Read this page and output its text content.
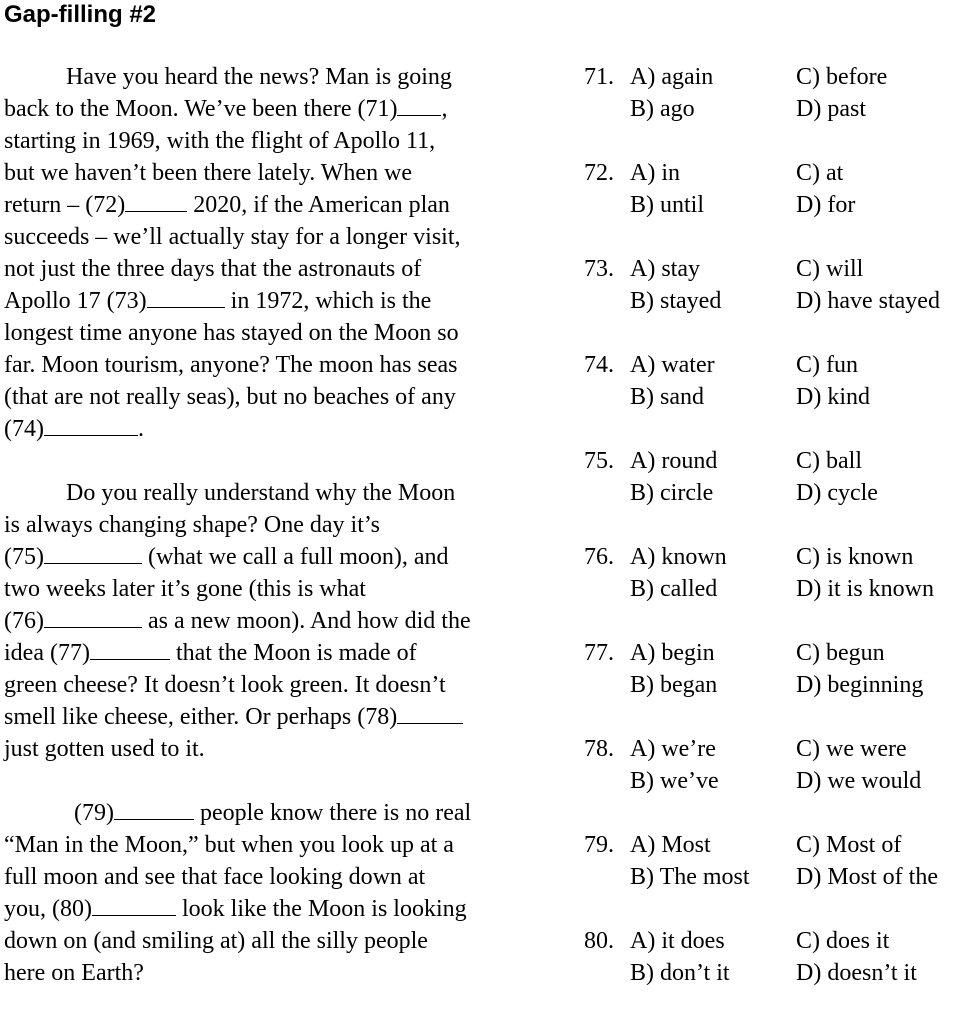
Gap-filling #2
Have you heard the news? Man is going
back to the Moon. We’ve been there (71) ,
starting in 1969, with the flight of Apollo 11,
but we haven’t been there lately. When we
return – (72)	2020, if the American plan
succeeds – we’ll actually stay for a longer visit,
not just the three days that the astronauts of
Apollo 17 (73)	in 1972, which is the
longest time anyone has stayed on the Moon so
far. Moon tourism, anyone? The moon has seas
(that are not really seas), but no beaches of any
(74)	.
Do you really understand why the Moon
is always changing shape? One day it’s
(75)	(what we call a full moon), and
two weeks later it’s gone (this is what
(76)	as a new moon). And how did the
idea (77)	that the Moon is made of
green cheese? It doesn’t look green. It doesn’t
smell like cheese, either. Or perhaps (78)
just gotten used to it.
(79)	people know there is no real
“Man in the Moon,” but when you look up at a
full moon and see that face looking down at
you, (80)	look like the Moon is looking
down on (and smiling at) all the silly people
here on Earth?
71. A) again	C) before
B) ago	D) past
72. A) in	C) at
B) until	D) for
73. A) stay	C) will
B) stayed	D) have stayed
74. A) water	C) fun
B) sand	D) kind
75. A) round	C) ball
B) circle	D) cycle
76. A) known	C) is known
B) called	D) it is known
77. A) begin	C) begun
B) began	D) beginning
78. A) we’re	C) we were
B) we’ve	D) we would
79. A) Most	C) Most of
B) The most D) Most of the
80. A) it does	C) does it
B) don’t it	D) doesn’t it
